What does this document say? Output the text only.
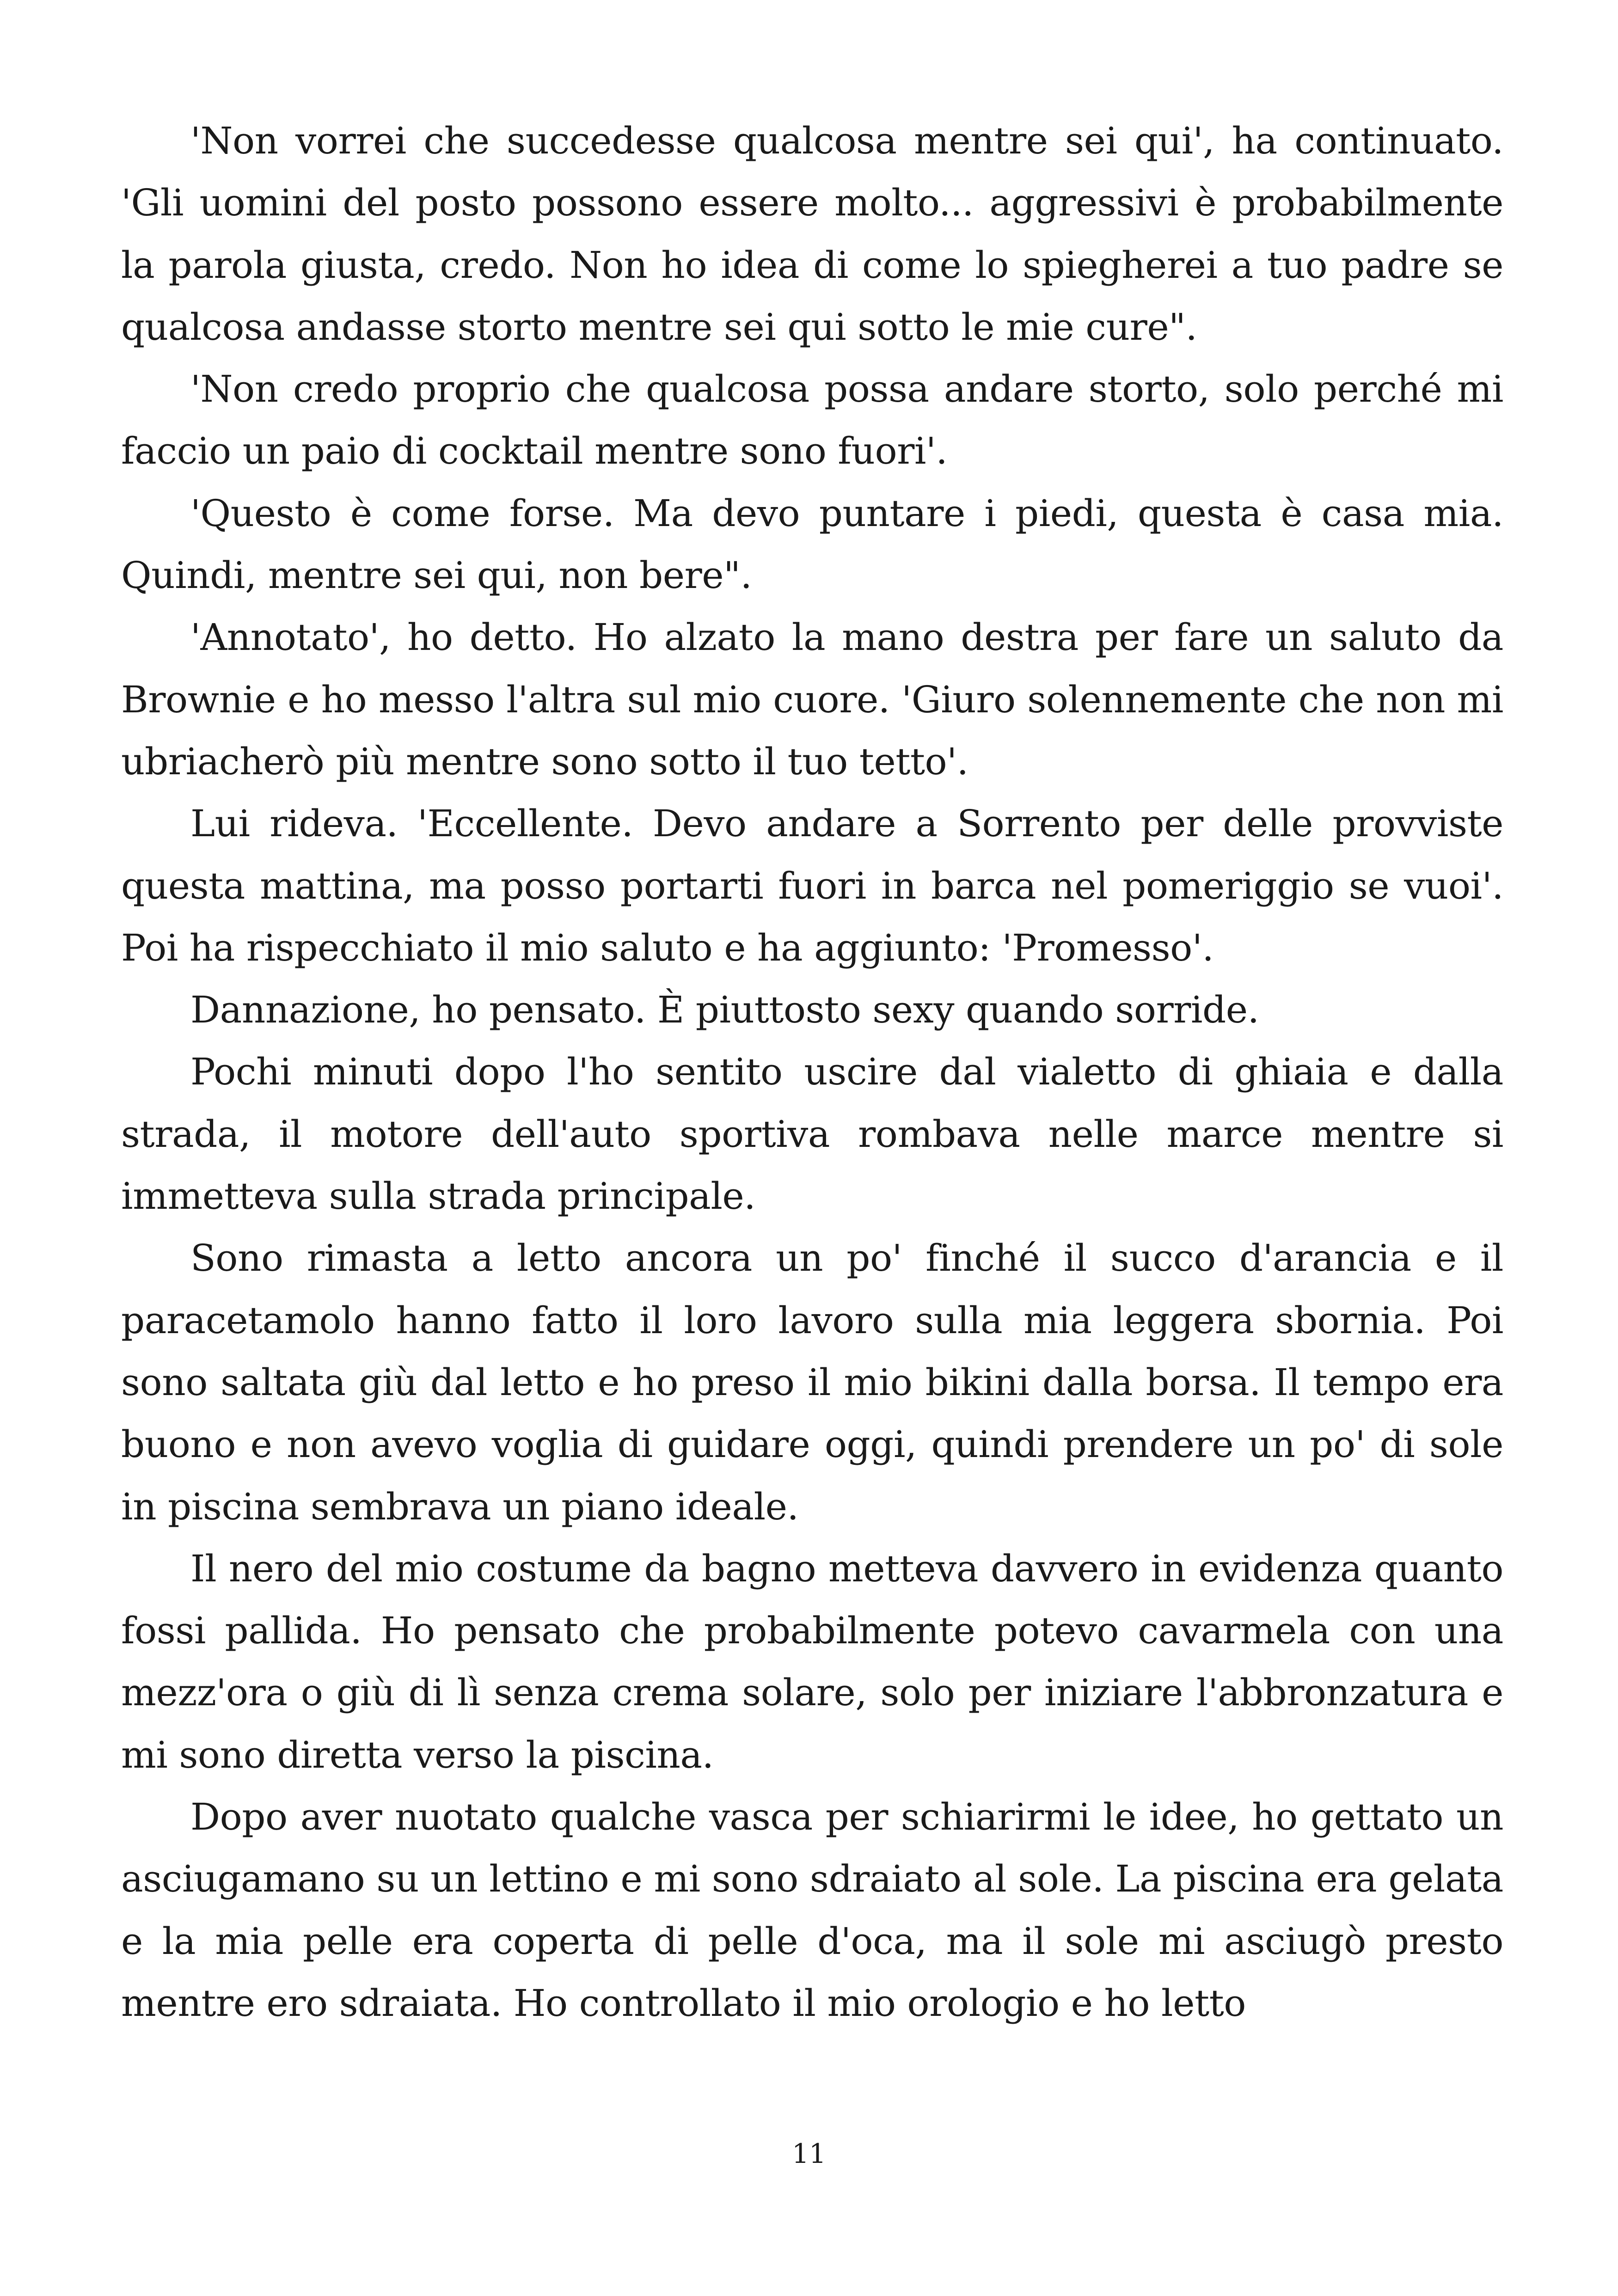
'Non vorrei che succedesse qualcosa mentre sei qui', ha continuato. 'Gli uomini del posto possono essere molto... aggressivi è probabilmente la parola giusta, credo. Non ho idea di come lo spiegherei a tuo padre se qualcosa andasse storto mentre sei qui sotto le mie cure".

'Non credo proprio che qualcosa possa andare storto, solo perché mi faccio un paio di cocktail mentre sono fuori'.

'Questo è come forse. Ma devo puntare i piedi, questa è casa mia. Quindi, mentre sei qui, non bere".

'Annotato', ho detto. Ho alzato la mano destra per fare un saluto da Brownie e ho messo l'altra sul mio cuore. 'Giuro solennemente che non mi ubriacherò più mentre sono sotto il tuo tetto'.

Lui rideva. 'Eccellente. Devo andare a Sorrento per delle provviste questa mattina, ma posso portarti fuori in barca nel pomeriggio se vuoi'. Poi ha rispecchiato il mio saluto e ha aggiunto: 'Promesso'.

Dannazione, ho pensato. È piuttosto sexy quando sorride.

Pochi minuti dopo l'ho sentito uscire dal vialetto di ghiaia e dalla strada, il motore dell'auto sportiva rombava nelle marce mentre si immetteva sulla strada principale.

Sono rimasta a letto ancora un po' finché il succo d'arancia e il paracetamolo hanno fatto il loro lavoro sulla mia leggera sbornia. Poi sono saltata giù dal letto e ho preso il mio bikini dalla borsa. Il tempo era buono e non avevo voglia di guidare oggi, quindi prendere un po' di sole in piscina sembrava un piano ideale.

Il nero del mio costume da bagno metteva davvero in evidenza quanto fossi pallida. Ho pensato che probabilmente potevo cavarmela con una mezz'ora o giù di lì senza crema solare, solo per iniziare l'abbronzatura e mi sono diretta verso la piscina.

Dopo aver nuotato qualche vasca per schiarirmi le idee, ho gettato un asciugamano su un lettino e mi sono sdraiato al sole. La piscina era gelata e la mia pelle era coperta di pelle d'oca, ma il sole mi asciugò presto mentre ero sdraiata. Ho controllato il mio orologio e ho letto

11
